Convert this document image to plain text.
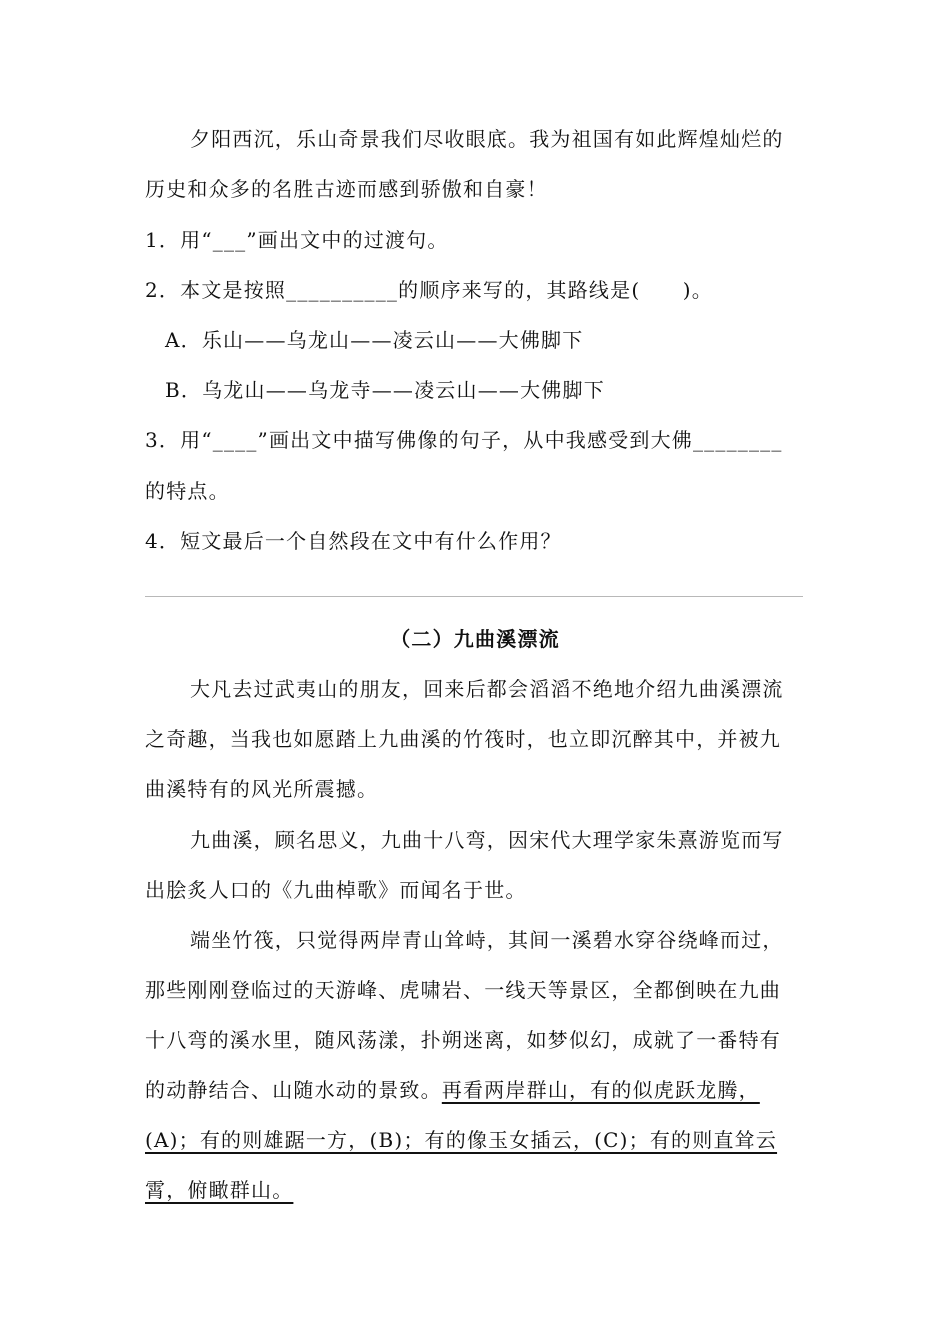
夕阳西沉，乐山奇景我们尽收眼底。我为祖国有如此辉煌灿烂的
历史和众多的名胜古迹而感到骄傲和自豪！
1．用“___”画出文中的过渡句。
2．本文是按照__________的顺序来写的，其路线是(　　)。
A．乐山——乌龙山——凌云山——大佛脚下
B．乌龙山——乌龙寺——凌云山——大佛脚下
3．用“____”画出文中描写佛像的句子，从中我感受到大佛________
的特点。
4．短文最后一个自然段在文中有什么作用？
（二）九曲溪漂流
大凡去过武夷山的朋友，回来后都会滔滔不绝地介绍九曲溪漂流
之奇趣，当我也如愿踏上九曲溪的竹筏时，也立即沉醉其中，并被九
曲溪特有的风光所震撼。
九曲溪，顾名思义，九曲十八弯，因宋代大理学家朱熹游览而写
出脍炙人口的《九曲棹歌》而闻名于世。
端坐竹筏，只觉得两岸青山耸峙，其间一溪碧水穿谷绕峰而过，
那些刚刚登临过的天游峰、虎啸岩、一线天等景区，全都倒映在九曲
十八弯的溪水里，随风荡漾，扑朔迷离，如梦似幻，成就了一番特有
的动静结合、山随水动的景致。再看两岸群山，有的似虎跃龙腾，
(A)；有的则雄踞一方，(B)；有的像玉女插云，(C)；有的则直耸云
霄，俯瞰群山。
